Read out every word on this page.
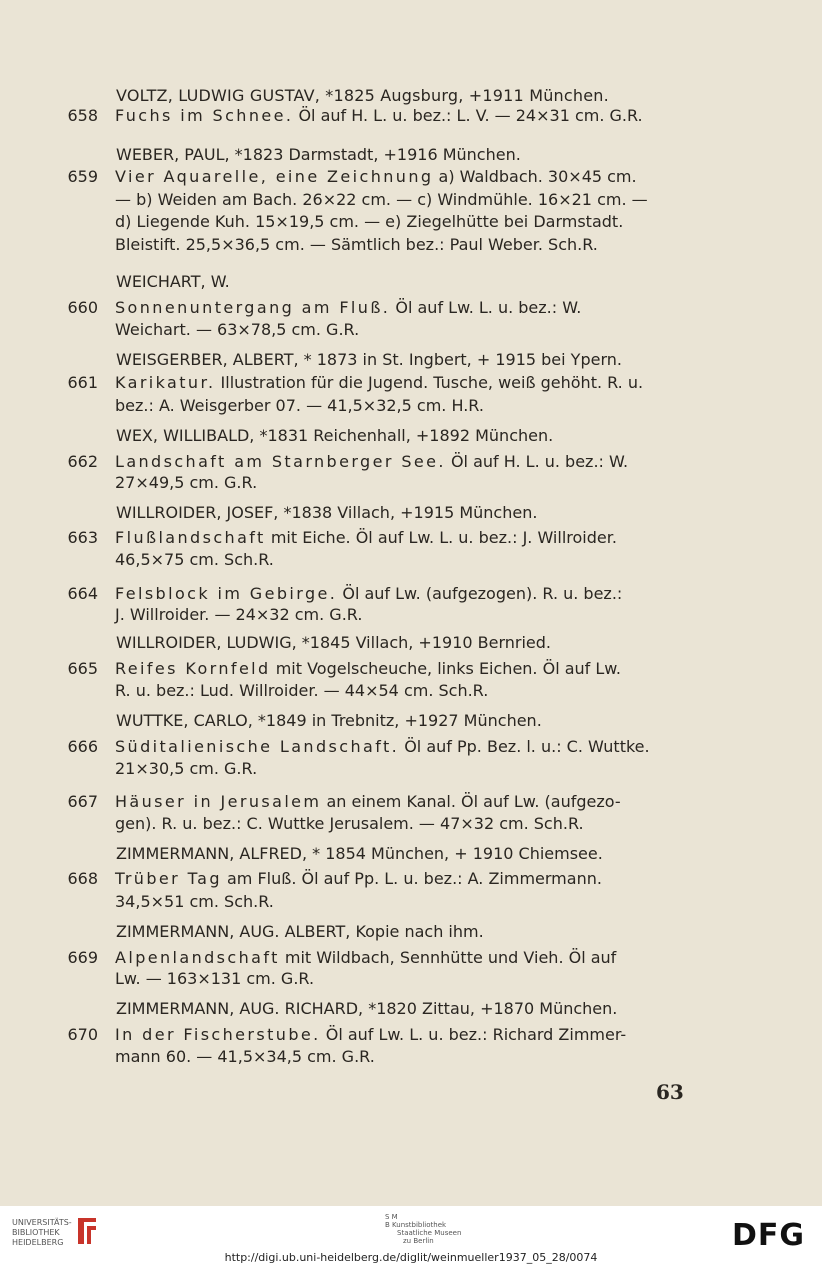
VOLTZ, LUDWIG GUSTAV, *1825 Augsburg, +1911 München.
658 Fuchs im Schnee. Öl auf H. L. u. bez.: L. V. — 24×31 cm. G.R.
WEBER, PAUL, *1823 Darmstadt, +1916 München.
659 Vier Aquarelle, eine Zeichnung a) Waldbach. 30×45 cm.
— b) Weiden am Bach. 26×22 cm. — c) Windmühle. 16×21 cm. —
d) Liegende Kuh. 15×19,5 cm. — e) Ziegelhütte bei Darmstadt.
Bleistift. 25,5×36,5 cm. — Sämtlich bez.: Paul Weber. Sch.R.
WEICHART, W.
660 Sonnenuntergang am Fluß. Öl auf Lw. L. u. bez.: W.
Weichart. — 63×78,5 cm. G.R.
WEISGERBER, ALBERT, * 1873 in St. Ingbert, + 1915 bei Ypern.
661 Karikatur. Illustration für die Jugend. Tusche, weiß gehöht. R. u.
bez.: A. Weisgerber 07. — 41,5×32,5 cm. H.R.
WEX, WILLIBALD, *1831 Reichenhall, +1892 München.
662 Landschaft am Starnberger See. Öl auf H. L. u. bez.: W.
27×49,5 cm. G.R.
WILLROIDER, JOSEF, *1838 Villach, +1915 München.
663 Flußlandschaft mit Eiche. Öl auf Lw. L. u. bez.: J. Willroider.
46,5×75 cm. Sch.R.
664 Felsblock im Gebirge. Öl auf Lw. (aufgezogen). R. u. bez.:
J. Willroider. — 24×32 cm. G.R.
WILLROIDER, LUDWIG, *1845 Villach, +1910 Bernried.
665 Reifes Kornfeld mit Vogelscheuche, links Eichen. Öl auf Lw.
R. u. bez.: Lud. Willroider. — 44×54 cm. Sch.R.
WUTTKE, CARLO, *1849 in Trebnitz, +1927 München.
666 Süditalienische Landschaft. Öl auf Pp. Bez. l. u.: C. Wuttke.
21×30,5 cm. G.R.
667 Häuser in Jerusalem an einem Kanal. Öl auf Lw. (aufgezo-
gen). R. u. bez.: C. Wuttke Jerusalem. — 47×32 cm. Sch.R.
ZIMMERMANN, ALFRED, * 1854 München, + 1910 Chiemsee.
668 Trüber Tag am Fluß. Öl auf Pp. L. u. bez.: A. Zimmermann.
34,5×51 cm. Sch.R.
ZIMMERMANN, AUG. ALBERT, Kopie nach ihm.
669 Alpenlandschaft mit Wildbach, Sennhütte und Vieh. Öl auf
Lw. — 163×131 cm. G.R.
ZIMMERMANN, AUG. RICHARD, *1820 Zittau, +1870 München.
670 In der Fischerstube. Öl auf Lw. L. u. bez.: Richard Zimmer-
mann 60. — 41,5×34,5 cm. G.R.
63
UNIVERSITÄTS-
BIBLIOTHEK
HEIDELBERG
S M
B Kunstbibliothek
Staatliche Museen
zu Berlin	DFG
http://digi.ub.uni-heidelberg.de/diglit/weinmueller1937_05_28/0074
